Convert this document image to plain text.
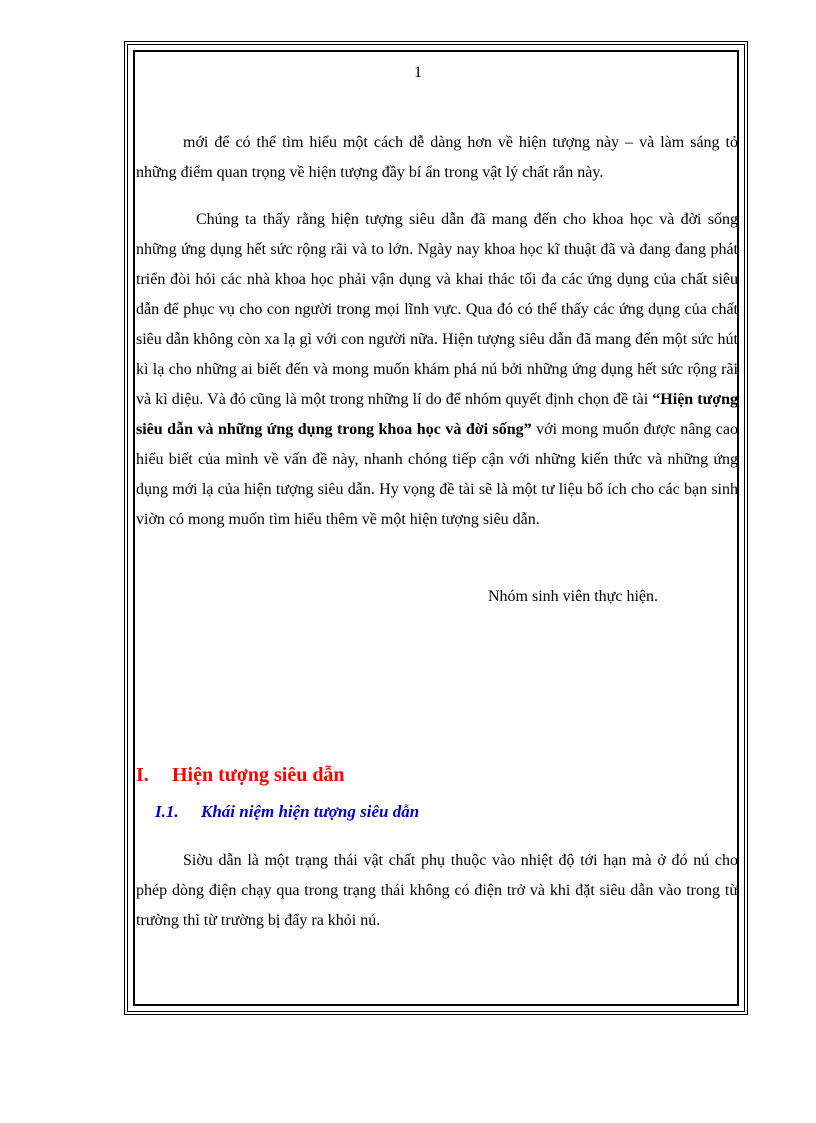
1

mới để có thể tìm hiểu một cách dễ dàng hơn về hiện tượng này – và làm sáng tỏ những điểm quan trọng về hiện tượng đầy bí ẩn trong vật lý chất rắn này.

Chúng ta thấy rằng hiện tượng siêu dẫn đã mang đến cho khoa học và đời sống những ứng dụng hết sức rộng rãi và to lớn. Ngày nay khoa học kĩ thuật đã và đang đang phát triển đòi hỏi các nhà khoa học phải vận dụng và khai thác tối đa các ứng dụng của chất siêu dẫn để phục vụ cho con người trong mọi lĩnh vực. Qua đó có thể thấy các ứng dụng của chất siêu dẫn không còn xa lạ gì với con người nữa. Hiện tượng siêu dẫn đã mang đến một sức hút kì lạ cho những ai biết đến và mong muốn khám phá nú bởi những ứng dụng hết sức rộng rãi và kì diệu. Và đó cũng là một trong những lí do để nhóm quyết định chọn đề tài “Hiện tượng siêu dẫn và những ứng dụng trong khoa học và đời sống” với mong muốn được nâng cao hiểu biết của mình về vấn đề này, nhanh chóng tiếp cận với những kiến thức và những ứng dụng mới lạ của hiện tượng siêu dẫn. Hy vọng đề tài sẽ là một tư liệu bổ ích cho các bạn sinh viờn có mong muốn tìm hiểu thêm về một hiện tượng siêu dẫn.

Nhóm sinh viên thực hiện.
I. Hiện tượng siêu dẫn
I.1. Khái niệm hiện tượng siêu dẫn

Siờu dẫn là một trạng thái vật chất phụ thuộc vào nhiệt độ tới hạn mà ở đó nú cho phép dòng điện chạy qua trong trạng thái không có điện trở và khi đặt siêu dẫn vào trong từ trường thì từ trường bị đẩy ra khỏi nú.
